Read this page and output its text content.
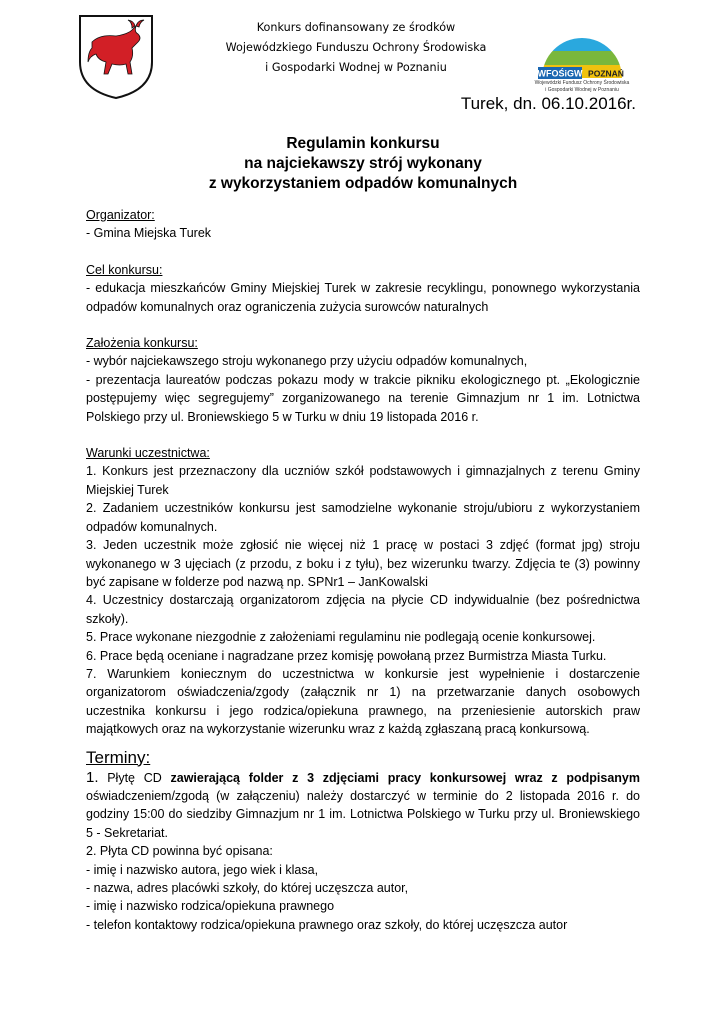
Konkurs dofinansowany ze środków
Wojewódzkiego Funduszu Ochrony Środowiska
i Gospodarki Wodnej w Poznaniu	WFOŚiGW POZNAŃ
Wojewódzki Fundusz Ochrony Środowiska
i Gospodarki Wodnej w Poznaniu
Turek, dn. 06.10.2016r.
Regulamin konkursu
na najciekawszy strój wykonany
z wykorzystaniem odpadów komunalnych

Organizator:

- Gmina Miejska Turek

Cel konkursu:

- edukacja mieszkańców Gminy Miejskiej Turek w zakresie recyklingu, ponownego wykorzystania odpadów komunalnych oraz ograniczenia zużycia surowców naturalnych

Założenia konkursu:

- wybór najciekawszego stroju wykonanego przy użyciu odpadów komunalnych,

- prezentacja laureatów podczas pokazu mody w trakcie pikniku ekologicznego pt. „Ekologicznie postępujemy więc segregujemy” zorganizowanego na terenie Gimnazjum nr 1 im. Lotnictwa Polskiego przy ul. Broniewskiego 5 w Turku w dniu 19 listopada 2016 r.

Warunki uczestnictwa:

1. Konkurs jest przeznaczony dla uczniów szkół podstawowych i gimnazjalnych z terenu Gminy Miejskiej Turek

2. Zadaniem uczestników konkursu jest samodzielne wykonanie stroju/ubioru z wykorzystaniem odpadów komunalnych.

3. Jeden uczestnik może zgłosić nie więcej niż 1 pracę w postaci 3 zdjęć (format jpg) stroju wykonanego w 3 ujęciach (z przodu, z boku i z tyłu), bez wizerunku twarzy. Zdjęcia te (3) powinny być zapisane w folderze pod nazwą np. SPNr1 – JanKowalski

4. Uczestnicy dostarczają organizatorom zdjęcia na płycie CD indywidualnie (bez pośrednictwa szkoły).

5. Prace wykonane niezgodnie z założeniami regulaminu nie podlegają ocenie konkursowej.

6. Prace będą oceniane i nagradzane przez komisję powołaną przez Burmistrza Miasta Turku.

7. Warunkiem koniecznym do uczestnictwa w konkursie jest wypełnienie i dostarczenie organizatorom oświadczenia/zgody (załącznik nr 1) na przetwarzanie danych osobowych uczestnika konkursu i jego rodzica/opiekuna prawnego, na przeniesienie autorskich praw majątkowych oraz na wykorzystanie wizerunku wraz z każdą zgłaszaną pracą konkursową.

Terminy:

1. Płytę CD zawierającą folder z 3 zdjęciami pracy konkursowej wraz z podpisanym oświadczeniem/zgodą (w załączeniu) należy dostarczyć w terminie do 2 listopada 2016 r. do godziny 15:00 do siedziby Gimnazjum nr 1 im. Lotnictwa Polskiego w Turku przy ul. Broniewskiego 5 - Sekretariat.

2. Płyta CD powinna być opisana:

- imię i nazwisko autora, jego wiek i klasa,

- nazwa, adres placówki szkoły, do której uczęszcza autor,

- imię i nazwisko rodzica/opiekuna prawnego

- telefon kontaktowy rodzica/opiekuna prawnego oraz szkoły, do której uczęszcza autor
